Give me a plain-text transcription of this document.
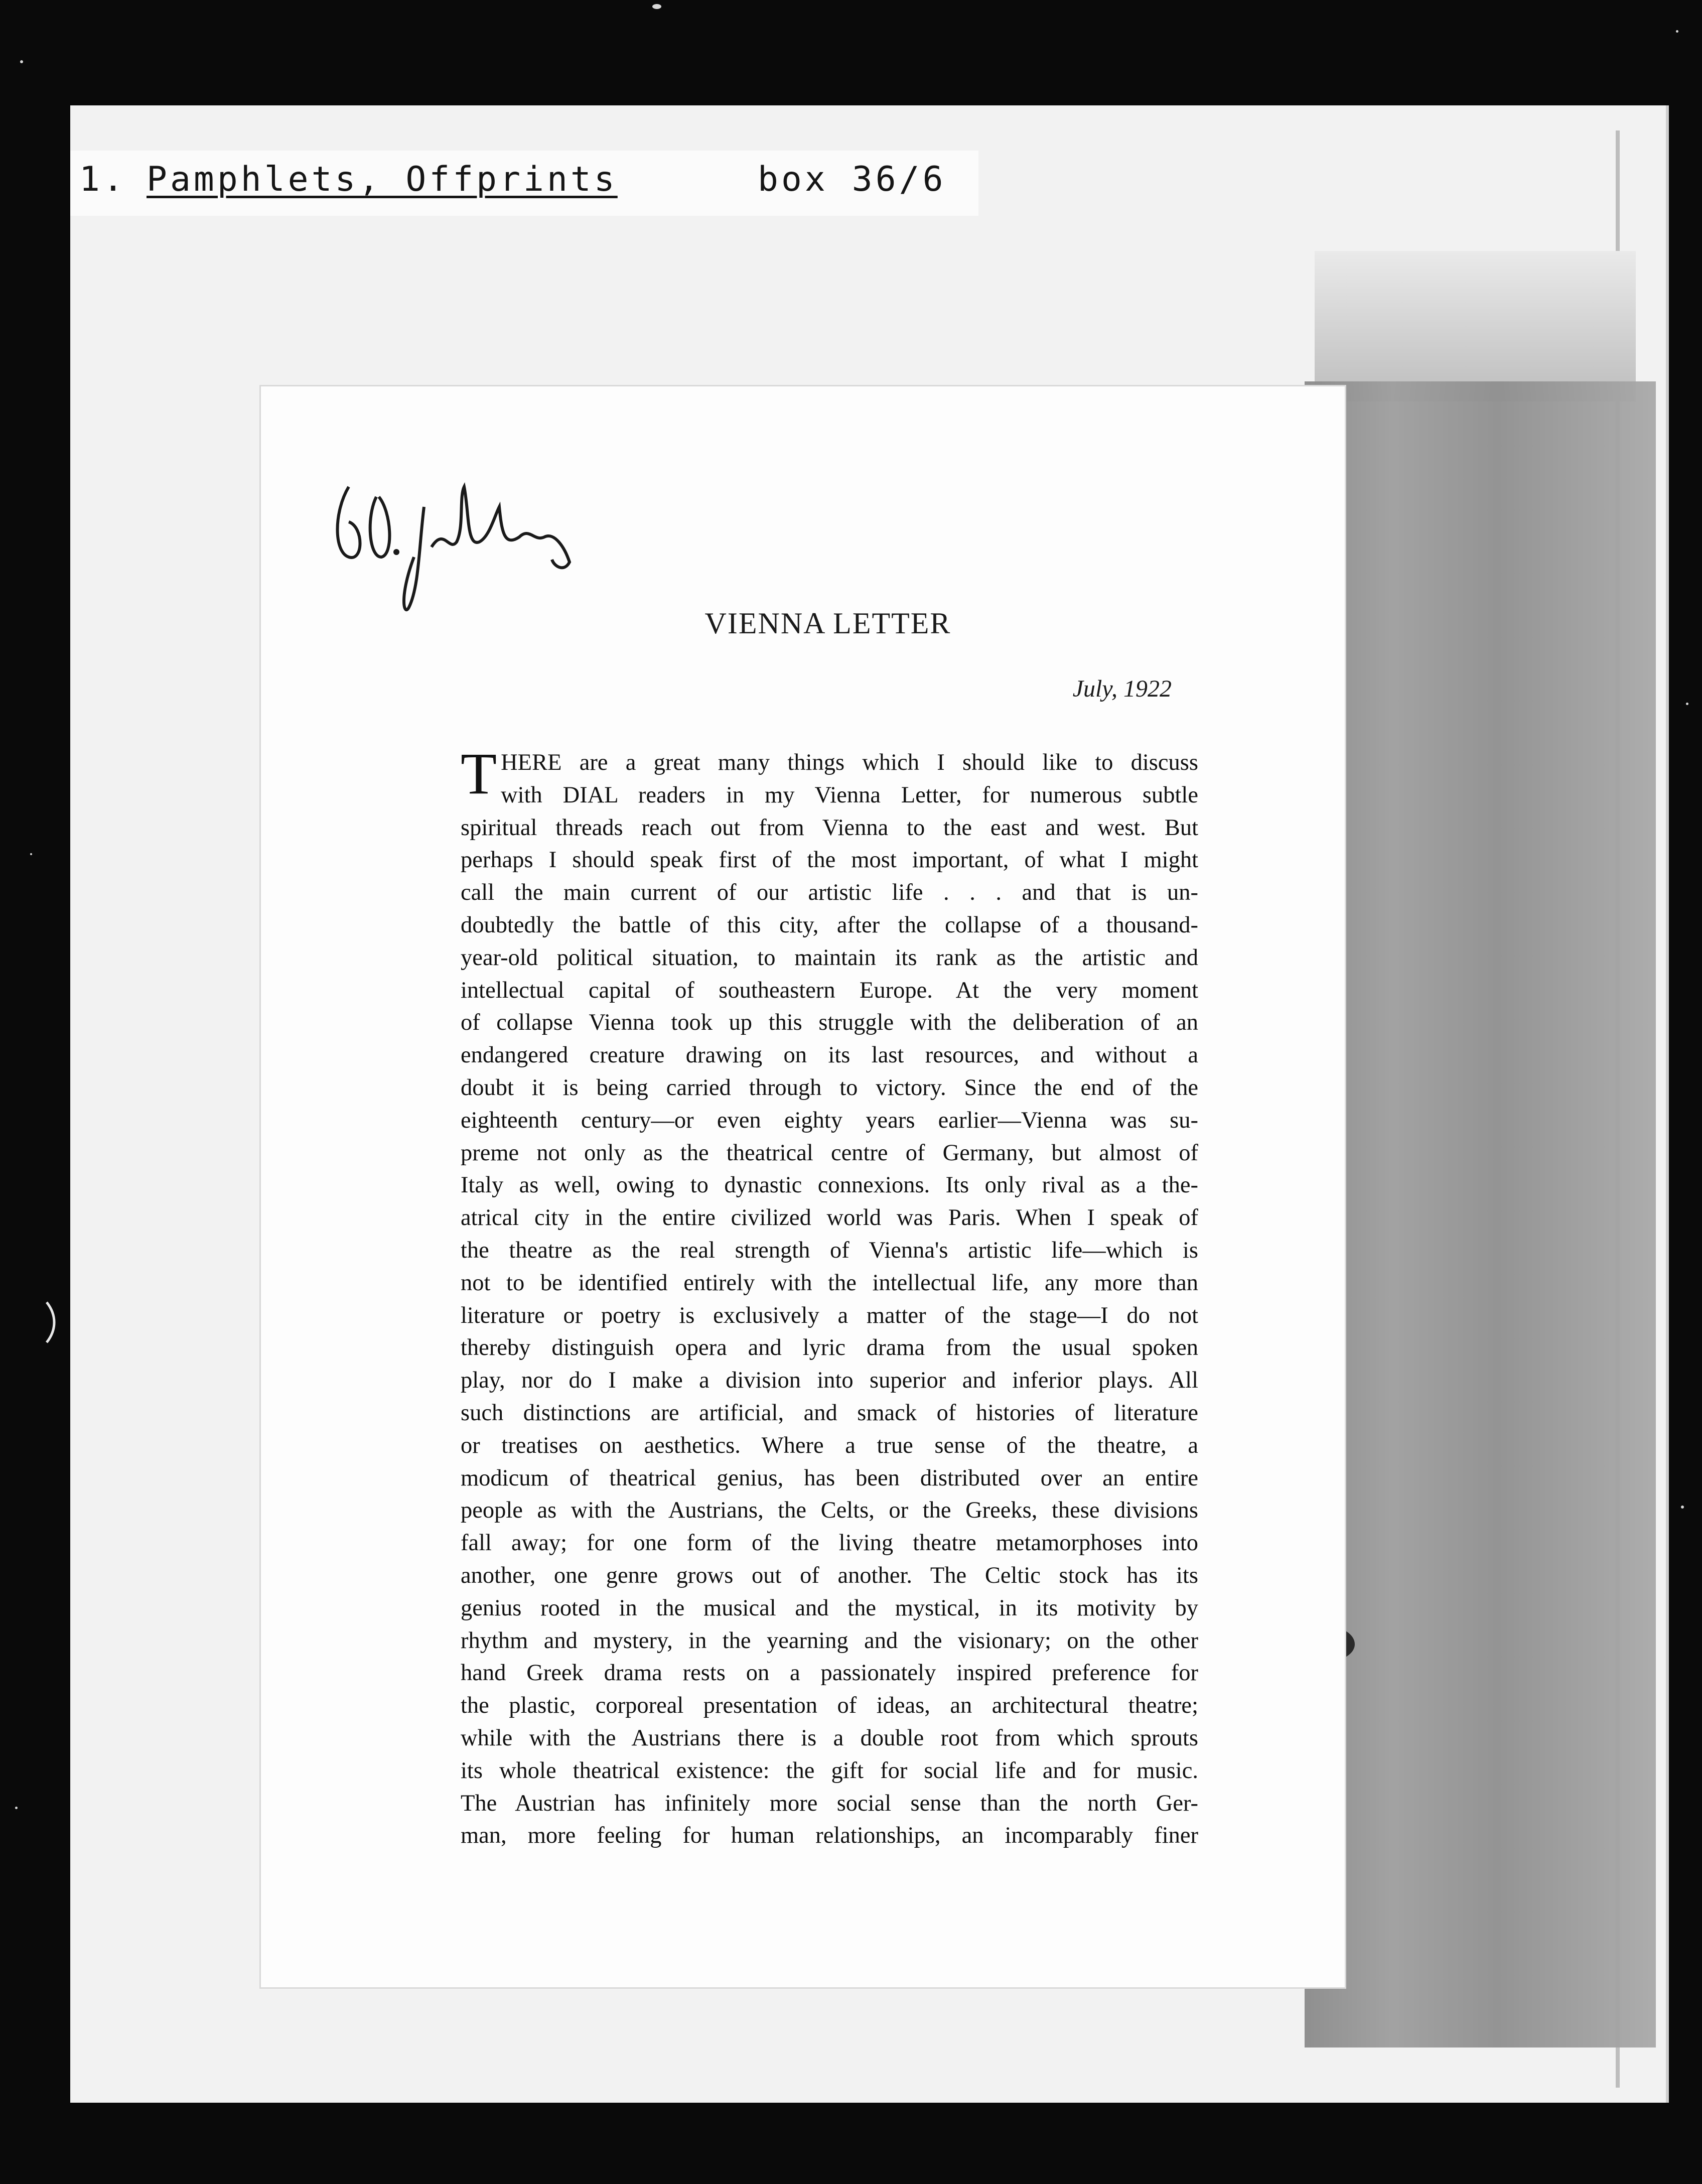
1. Pamphlets, Offprints	box 36/6
VIENNA LETTER
July, 1922
T HERE are a great many things which I should like to discuss
with DIAL readers in my Vienna Letter, for numerous subtle
spiritual threads reach out from Vienna to the east and west. But
perhaps I should speak first of the most important, of what I might
call the main current of our artistic life . . . and that is un-
doubtedly the battle of this city, after the collapse of a thousand-
year-old political situation, to maintain its rank as the artistic and
intellectual capital of southeastern Europe. At the very moment
of collapse Vienna took up this struggle with the deliberation of an
endangered creature drawing on its last resources, and without a
doubt it is being carried through to victory. Since the end of the
eighteenth century—or even eighty years earlier—Vienna was su-
preme not only as the theatrical centre of Germany, but almost of
Italy as well, owing to dynastic connexions. Its only rival as a the-
atrical city in the entire civilized world was Paris. When I speak of
the theatre as the real strength of Vienna's artistic life—which is
not to be identified entirely with the intellectual life, any more than
literature or poetry is exclusively a matter of the stage—I do not
thereby distinguish opera and lyric drama from the usual spoken
play, nor do I make a division into superior and inferior plays. All
such distinctions are artificial, and smack of histories of literature
or treatises on aesthetics. Where a true sense of the theatre, a
modicum of theatrical genius, has been distributed over an entire
people as with the Austrians, the Celts, or the Greeks, these divisions
fall away; for one form of the living theatre metamorphoses into
another, one genre grows out of another. The Celtic stock has its
genius rooted in the musical and the mystical, in its motivity by
rhythm and mystery, in the yearning and the visionary; on the other
hand Greek drama rests on a passionately inspired preference for
the plastic, corporeal presentation of ideas, an architectural theatre;
while with the Austrians there is a double root from which sprouts
its whole theatrical existence: the gift for social life and for music.
The Austrian has infinitely more social sense than the north Ger-
man, more feeling for human relationships, an incomparably finer
